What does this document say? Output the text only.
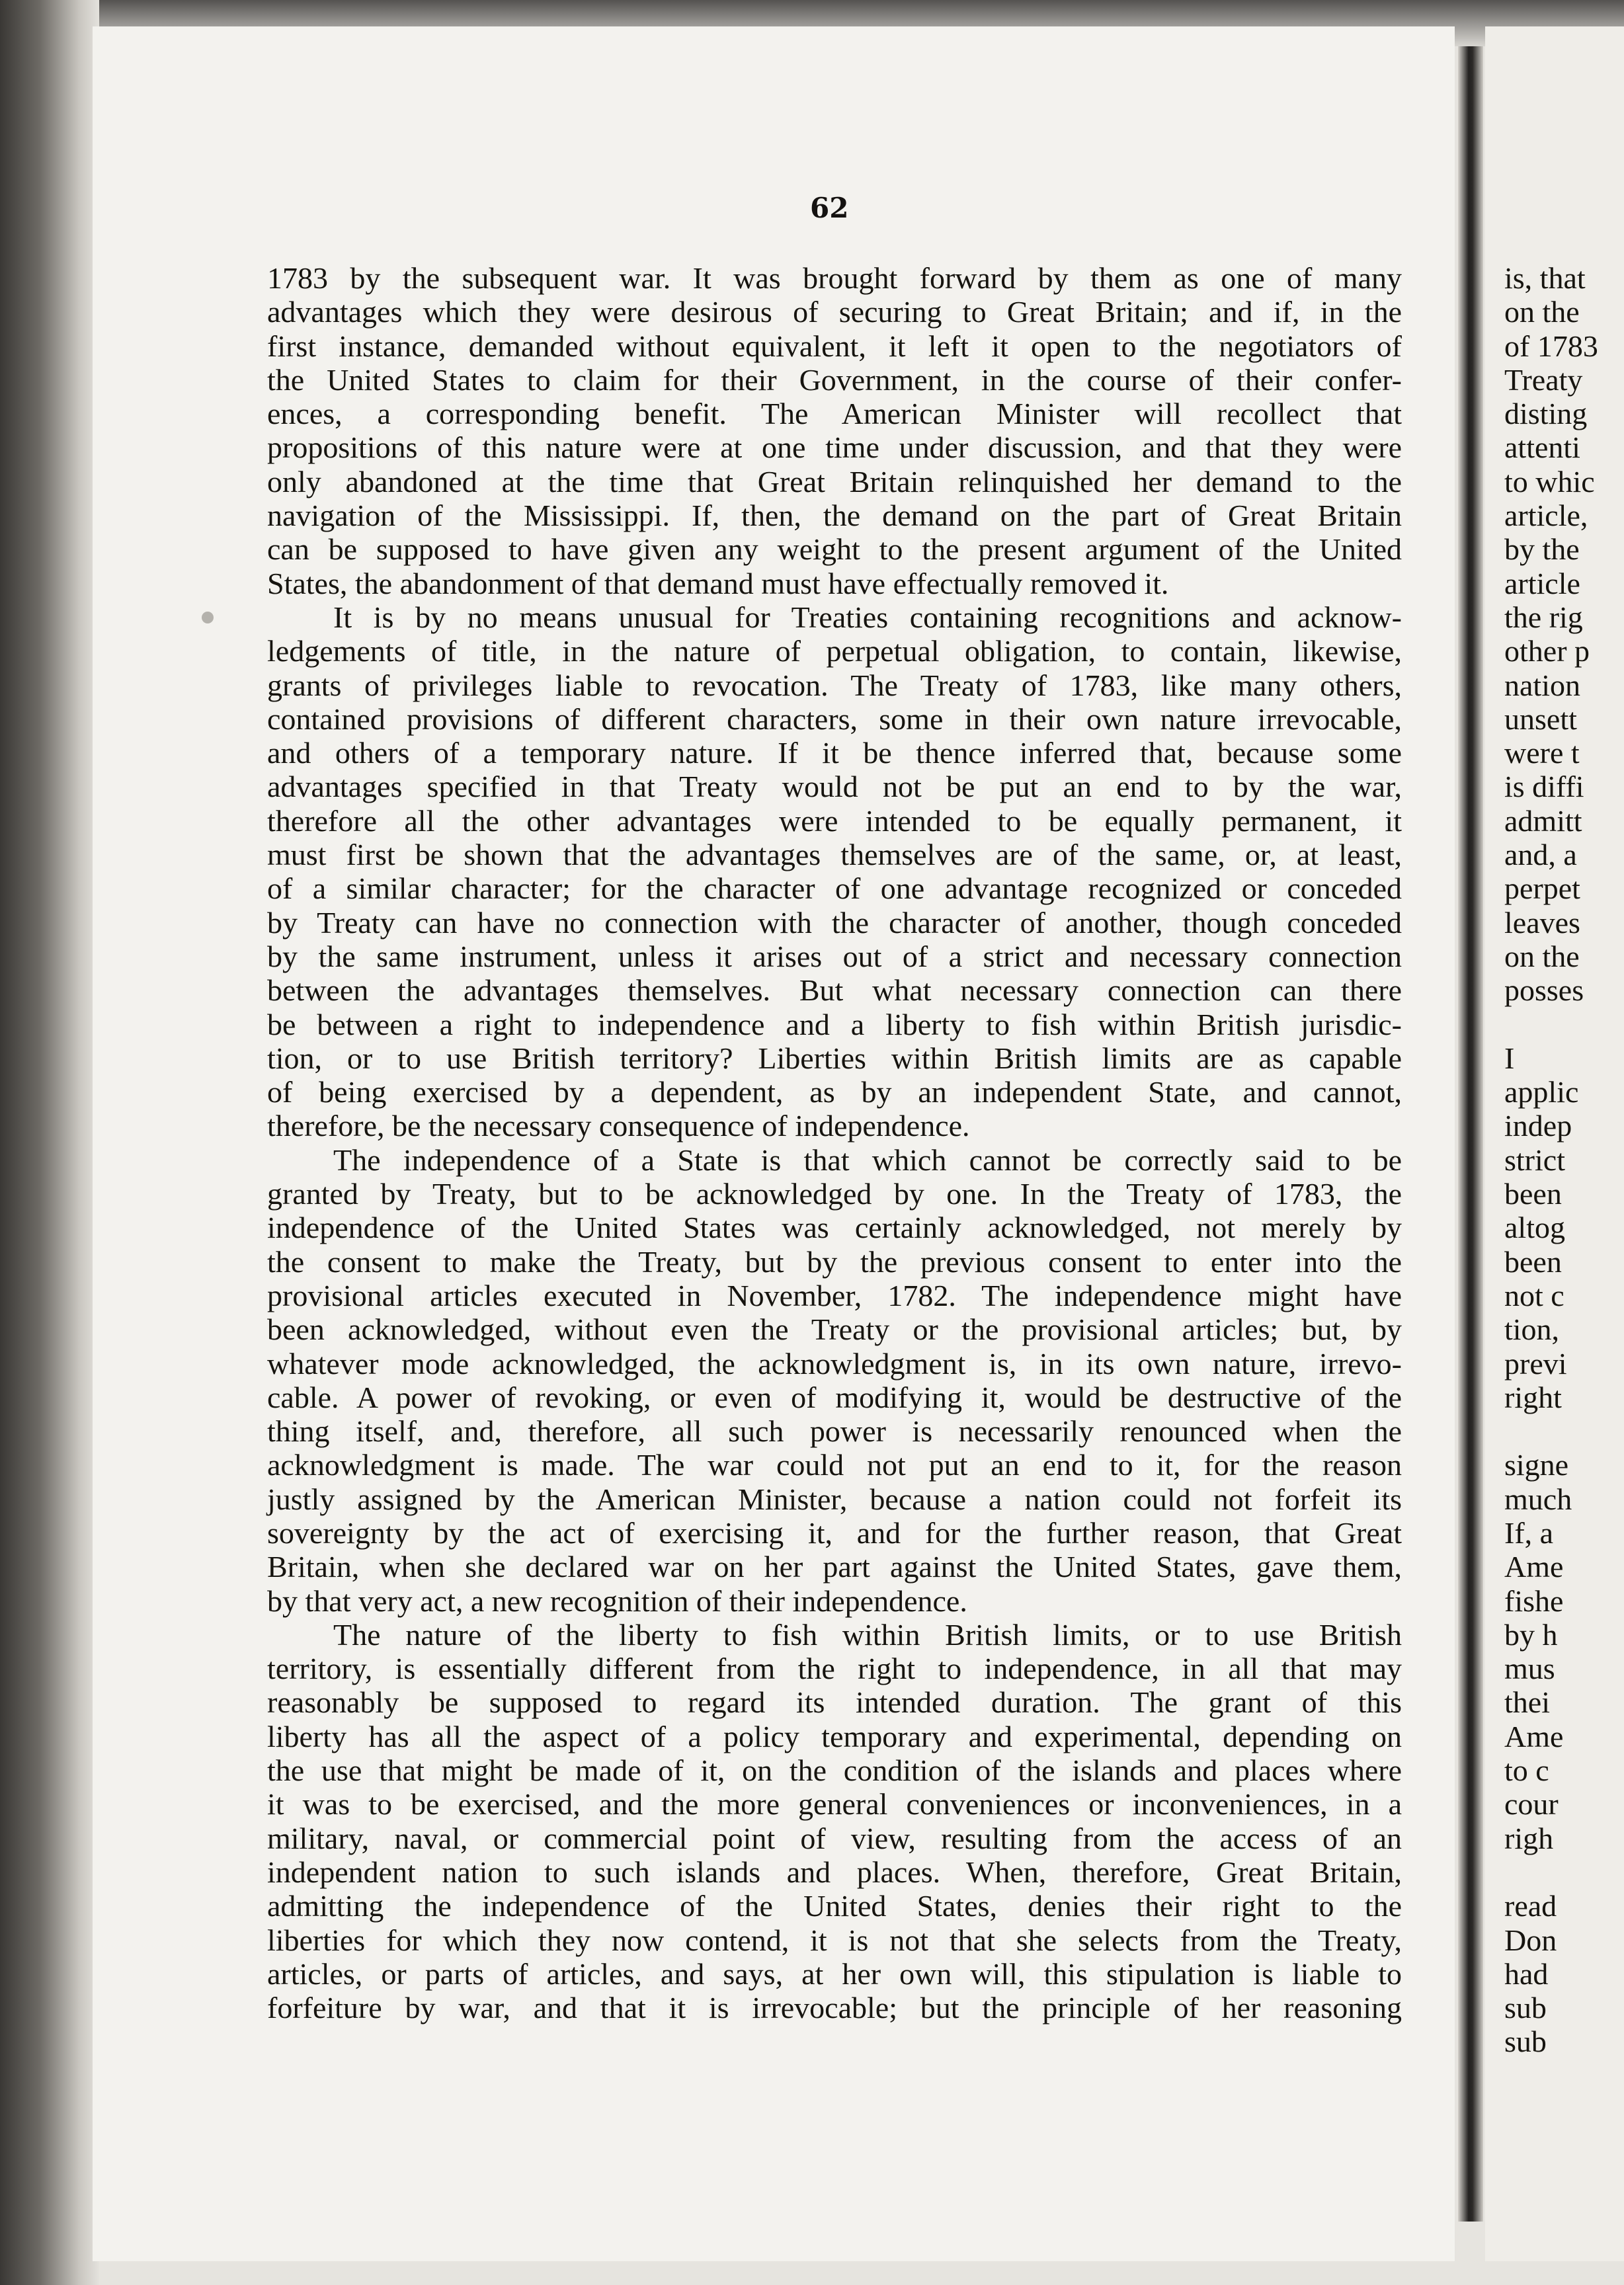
62
1783 by the subsequent war. It was brought forward by them as one of many
advantages which they were desirous of securing to Great Britain; and if, in the
first instance, demanded without equivalent, it left it open to the negotiators of
the United States to claim for their Government, in the course of their confer-
ences, a corresponding benefit. The American Minister will recollect that
propositions of this nature were at one time under discussion, and that they were
only abandoned at the time that Great Britain relinquished her demand to the
navigation of the Mississippi. If, then, the demand on the part of Great Britain
can be supposed to have given any weight to the present argument of the United
States, the abandonment of that demand must have effectually removed it.
It is by no means unusual for Treaties containing recognitions and acknow-
ledgements of title, in the nature of perpetual obligation, to contain, likewise,
grants of privileges liable to revocation. The Treaty of 1783, like many others,
contained provisions of different characters, some in their own nature irrevocable,
and others of a temporary nature. If it be thence inferred that, because some
advantages specified in that Treaty would not be put an end to by the war,
therefore all the other advantages were intended to be equally permanent, it
must first be shown that the advantages themselves are of the same, or, at least,
of a similar character; for the character of one advantage recognized or conceded
by Treaty can have no connection with the character of another, though conceded
by the same instrument, unless it arises out of a strict and necessary connection
between the advantages themselves. But what necessary connection can there
be between a right to independence and a liberty to fish within British jurisdic-
tion, or to use British territory? Liberties within British limits are as capable
of being exercised by a dependent, as by an independent State, and cannot,
therefore, be the necessary consequence of independence.
The independence of a State is that which cannot be correctly said to be
granted by Treaty, but to be acknowledged by one. In the Treaty of 1783, the
independence of the United States was certainly acknowledged, not merely by
the consent to make the Treaty, but by the previous consent to enter into the
provisional articles executed in November, 1782. The independence might have
been acknowledged, without even the Treaty or the provisional articles; but, by
whatever mode acknowledged, the acknowledgment is, in its own nature, irrevo-
cable. A power of revoking, or even of modifying it, would be destructive of the
thing itself, and, therefore, all such power is necessarily renounced when the
acknowledgment is made. The war could not put an end to it, for the reason
justly assigned by the American Minister, because a nation could not forfeit its
sovereignty by the act of exercising it, and for the further reason, that Great
Britain, when she declared war on her part against the United States, gave them,
by that very act, a new recognition of their independence.
The nature of the liberty to fish within British limits, or to use British
territory, is essentially different from the right to independence, in all that may
reasonably be supposed to regard its intended duration. The grant of this
liberty has all the aspect of a policy temporary and experimental, depending on
the use that might be made of it, on the condition of the islands and places where
it was to be exercised, and the more general conveniences or inconveniences, in a
military, naval, or commercial point of view, resulting from the access of an
independent nation to such islands and places. When, therefore, Great Britain,
admitting the independence of the United States, denies their right to the
liberties for which they now contend, it is not that she selects from the Treaty,
articles, or parts of articles, and says, at her own will, this stipulation is liable to
forfeiture by war, and that it is irrevocable; but the principle of her reasoning
is, that
on the
of 1783
Treaty
disting
attenti
to whic
article,
by the
article
the rig
other p
nation
unsett
were t
is diffi
admitt
and, a
perpet
leaves
on the
posses
I
applic
indep
strict
been
altog
been
not c
tion,
previ
right
signe
much
If, a
Ame
fishe
by h
mus
thei
Ame
to c
cour
righ
read
Don
had
sub
sub
